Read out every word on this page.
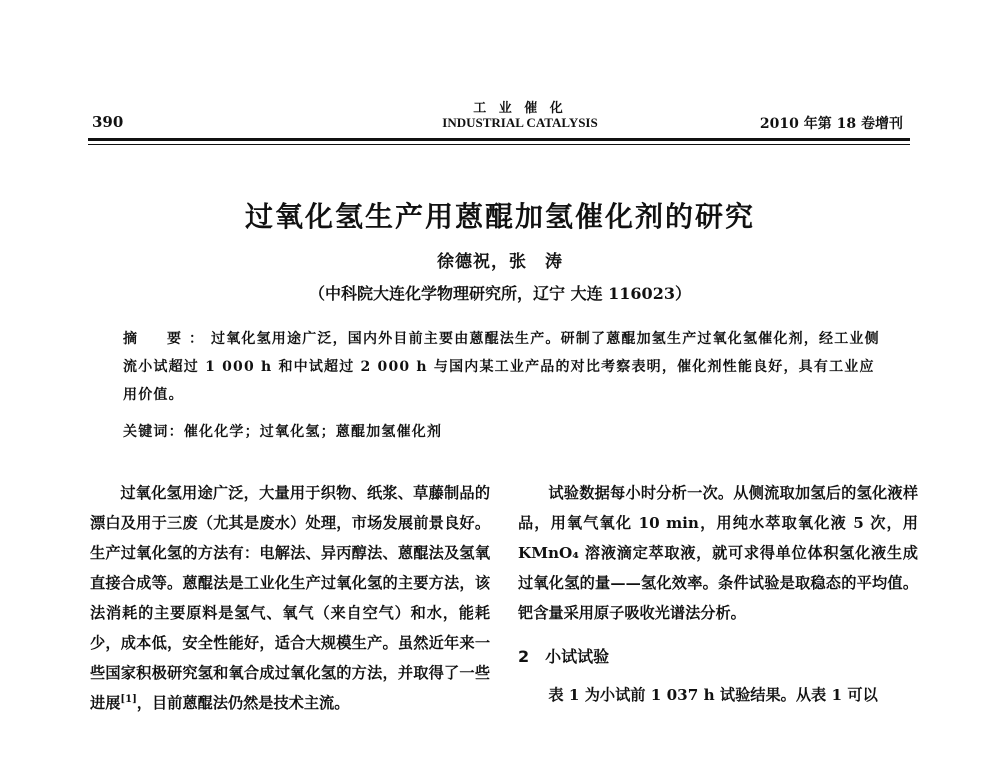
390
工 业 催 化
INDUSTRIAL CATALYSIS	2010 年第 18 卷增刊
过氧化氢生产用蒽醌加氢催化剂的研究
徐德祝，张　涛
（中科院大连化学物理研究所，辽宁 大连 116023）
摘　要：过氧化氢用途广泛，国内外目前主要由蒽醌法生产。研制了蒽醌加氢生产过氧化氢催化剂，经工业侧流小试超过 1 000 h 和中试超过 2 000 h 与国内某工业产品的对比考察表明，催化剂性能良好，具有工业应用价值。
关键词：催化化学；过氧化氢；蒽醌加氢催化剂

过氧化氢用途广泛，大量用于织物、纸浆、草藤制品的漂白及用于三废（尤其是废水）处理，市场发展前景良好。生产过氧化氢的方法有：电解法、异丙醇法、蒽醌法及氢氧直接合成等。蒽醌法是工业化生产过氧化氢的主要方法，该法消耗的主要原料是氢气、氧气（来自空气）和水，能耗少，成本低，安全性能好，适合大规模生产。虽然近年来一些国家积极研究氢和氧合成过氧化氢的方法，并取得了一些进展[1]，目前蒽醌法仍然是技术主流。

试验数据每小时分析一次。从侧流取加氢后的氢化液样品，用氧气氧化 10 min，用纯水萃取氧化液 5 次，用 KMnO₄ 溶液滴定萃取液，就可求得单位体积氢化液生成过氧化氢的量——氢化效率。条件试验是取稳态的平均值。钯含量采用原子吸收光谱法分析。

2　小试试验

表 1 为小试前 1 037 h 试验结果。从表 1 可以
